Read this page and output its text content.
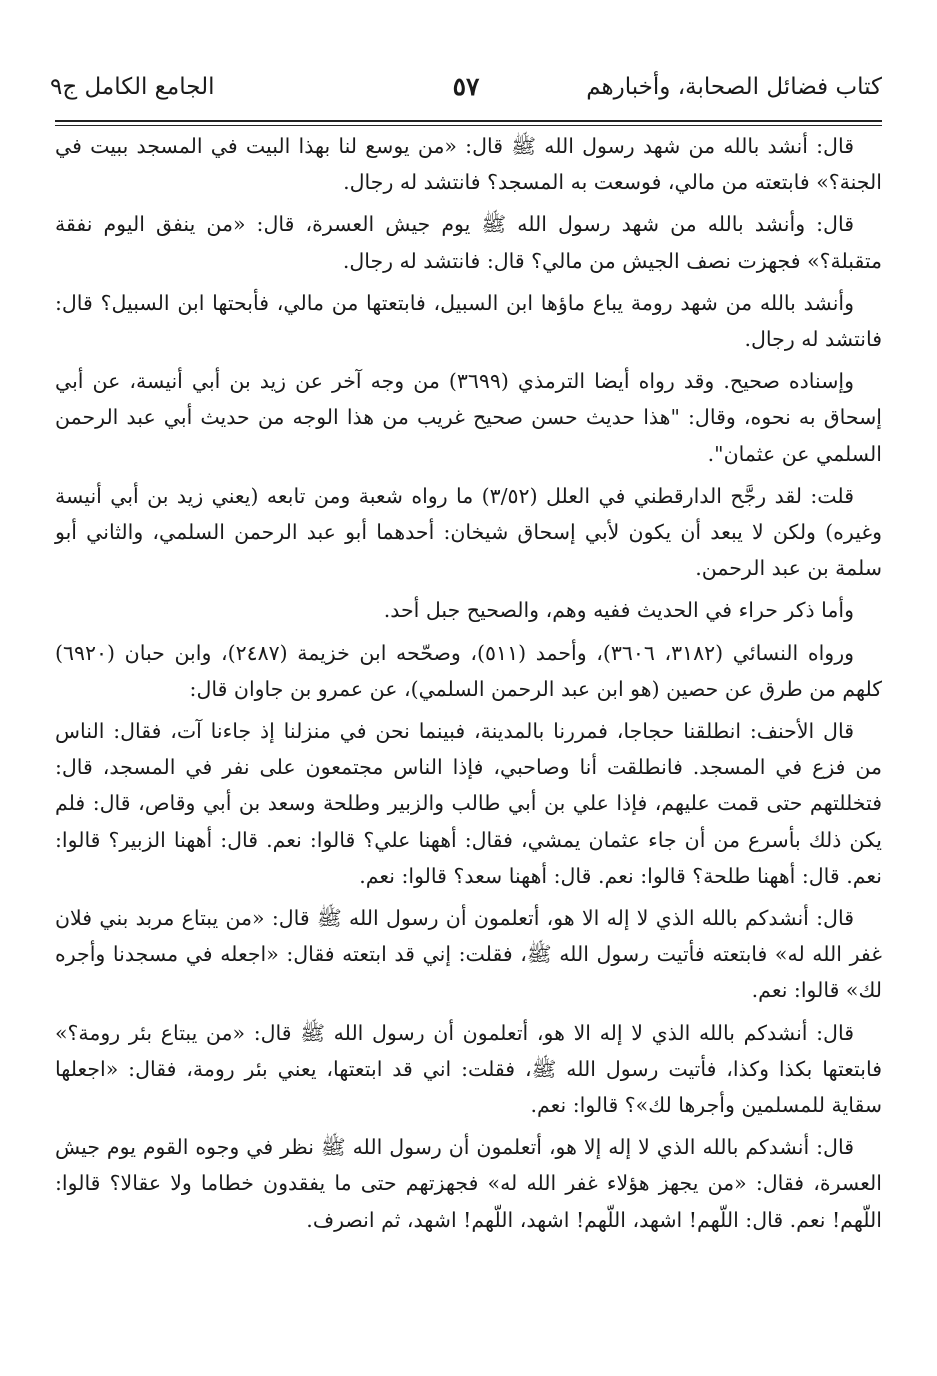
كتاب فضائل الصحابة، وأخبارهم
٥٧
الجامع الكامل ج٩

قال: أنشد بالله من شهد رسول الله ﷺ قال: «من يوسع لنا بهذا البيت في المسجد ببيت في الجنة؟» فابتعته من مالي، فوسعت به المسجد؟ فانتشد له رجال.

قال: وأنشد بالله من شهد رسول الله ﷺ يوم جيش العسرة، قال: «من ينفق اليوم نفقة متقبلة؟» فجهزت نصف الجيش من مالي؟ قال: فانتشد له رجال.

وأنشد بالله من شهد رومة يباع ماؤها ابن السبيل، فابتعتها من مالي، فأبحتها ابن السبيل؟ قال: فانتشد له رجال.

وإسناده صحيح. وقد رواه أيضا الترمذي (٣٦٩٩) من وجه آخر عن زيد بن أبي أنيسة، عن أبي إسحاق به نحوه، وقال: "هذا حديث حسن صحيح غريب من هذا الوجه من حديث أبي عبد الرحمن السلمي عن عثمان".

قلت: لقد رجَّح الدارقطني في العلل (٣/٥٢) ما رواه شعبة ومن تابعه (يعني زيد بن أبي أنيسة وغيره) ولكن لا يبعد أن يكون لأبي إسحاق شيخان: أحدهما أبو عبد الرحمن السلمي، والثاني أبو سلمة بن عبد الرحمن.

وأما ذكر حراء في الحديث ففيه وهم، والصحيح جبل أحد.

ورواه النسائي (٣١٨٢، ٣٦٠٦)، وأحمد (٥١١)، وصحّحه ابن خزيمة (٢٤٨٧)، وابن حبان (٦٩٢٠) كلهم من طرق عن حصين (هو ابن عبد الرحمن السلمي)، عن عمرو بن جاوان قال:

قال الأحنف: انطلقنا حجاجا، فمررنا بالمدينة، فبينما نحن في منزلنا إذ جاءنا آت، فقال: الناس من فزع في المسجد. فانطلقت أنا وصاحبي، فإذا الناس مجتمعون على نفر في المسجد، قال: فتخللتهم حتى قمت عليهم، فإذا علي بن أبي طالب والزبير وطلحة وسعد بن أبي وقاص، قال: فلم يكن ذلك بأسرع من أن جاء عثمان يمشي، فقال: أههنا علي؟ قالوا: نعم. قال: أههنا الزبير؟ قالوا: نعم. قال: أههنا طلحة؟ قالوا: نعم. قال: أههنا سعد؟ قالوا: نعم.

قال: أنشدكم بالله الذي لا إله الا هو، أتعلمون أن رسول الله ﷺ قال: «من يبتاع مربد بني فلان غفر الله له» فابتعته فأتيت رسول الله ﷺ، فقلت: إني قد ابتعته فقال: «اجعله في مسجدنا وأجره لك» قالوا: نعم.

قال: أنشدكم بالله الذي لا إله الا هو، أتعلمون أن رسول الله ﷺ قال: «من يبتاع بئر رومة؟» فابتعتها بكذا وكذا، فأتيت رسول الله ﷺ، فقلت: اني قد ابتعتها، يعني بئر رومة، فقال: «اجعلها سقاية للمسلمين وأجرها لك»؟ قالوا: نعم.

قال: أنشدكم بالله الذي لا إله إلا هو، أتعلمون أن رسول الله ﷺ نظر في وجوه القوم يوم جيش العسرة، فقال: «من يجهز هؤلاء غفر الله له» فجهزتهم حتى ما يفقدون خطاما ولا عقالا؟ قالوا: اللّهم! نعم. قال: اللّهم! اشهد، اللّهم! اشهد، اللّهم! اشهد، ثم انصرف.
